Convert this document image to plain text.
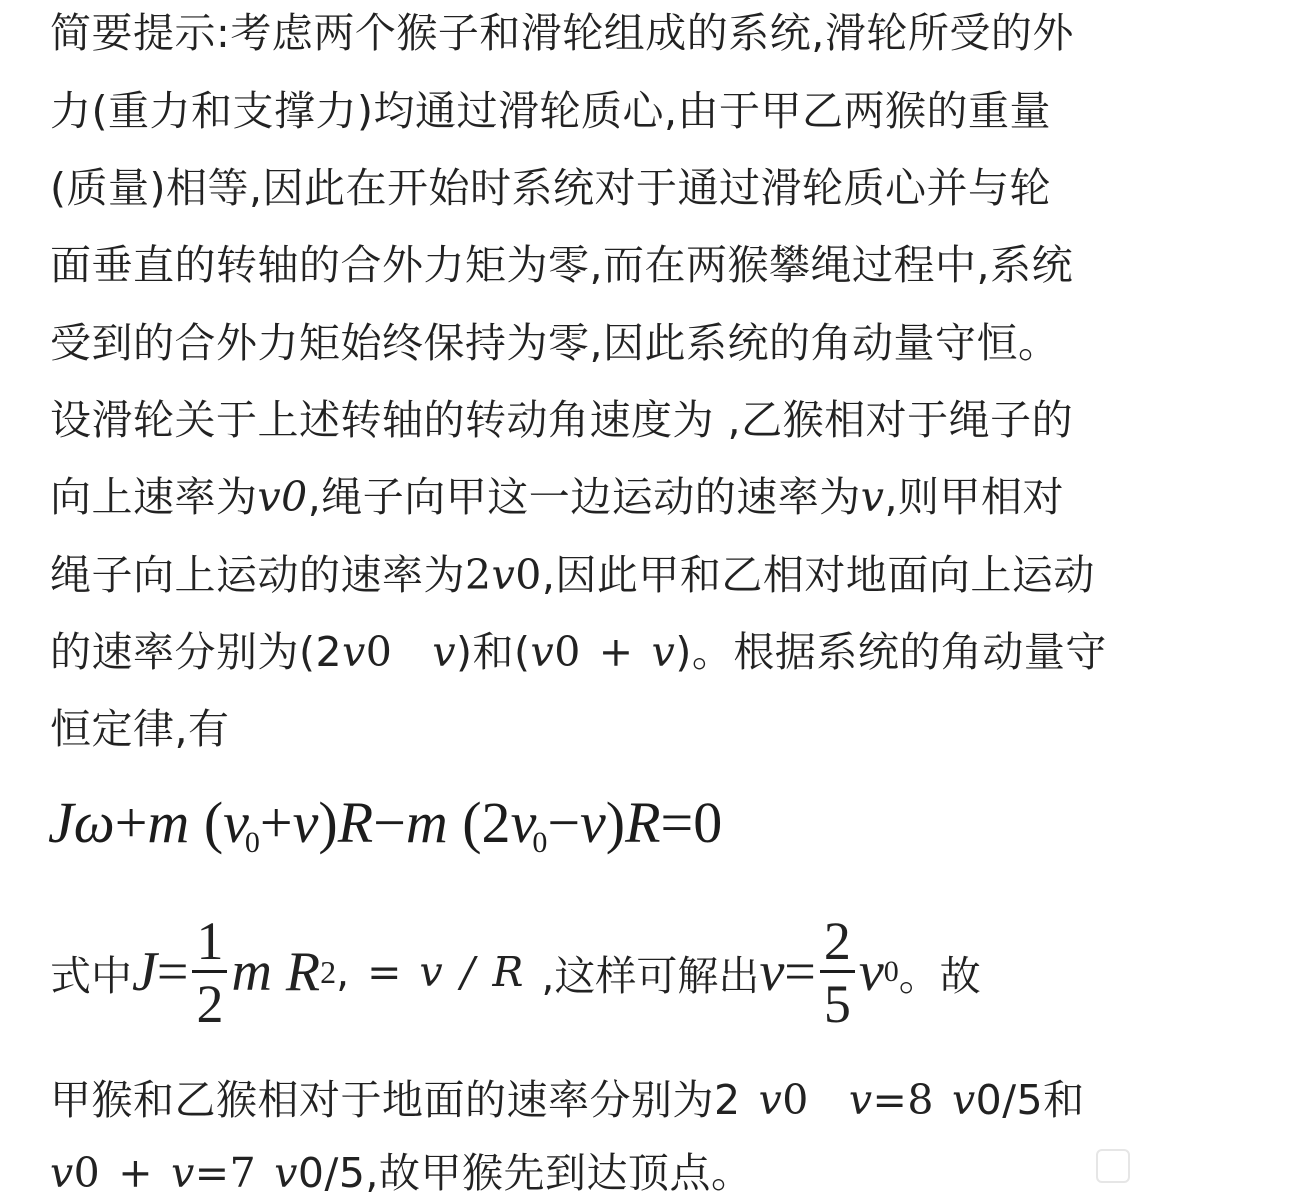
简要提示:考虑两个猴子和滑轮组成的系统,滑轮所受的外
力(重力和支撑力)均通过滑轮质心,由于甲乙两猴的重量
(质量)相等,因此在开始时系统对于通过滑轮质心并与轮
面垂直的转轴的合外力矩为零,而在两猴攀绳过程中,系统
受到的合外力矩始终保持为零,因此系统的角动量守恒。
设滑轮关于上述转轴的转动角速度为 ,乙猴相对于绳子的
向上速率为v0,绳子向甲这一边运动的速率为v,则甲相对
绳子向上运动的速率为2v0,因此甲和乙相对地面向上运动
的速率分别为(2v0 v)和(v0 + v)。根据系统的角动量守
恒定律,有
Jω+m $(v_0+v)R-m$ $(2v_0-v)R=0$
式中 $J = \frac{1}{2}$ m R 2 , = v / R ,这样可解出 $v = \frac{2}{5}$ v 0 。故
甲猴和乙猴相对于地面的速率分别为2 v0 v=8 v0/5和
v0 + v=7 v0/5,故甲猴先到达顶点。
